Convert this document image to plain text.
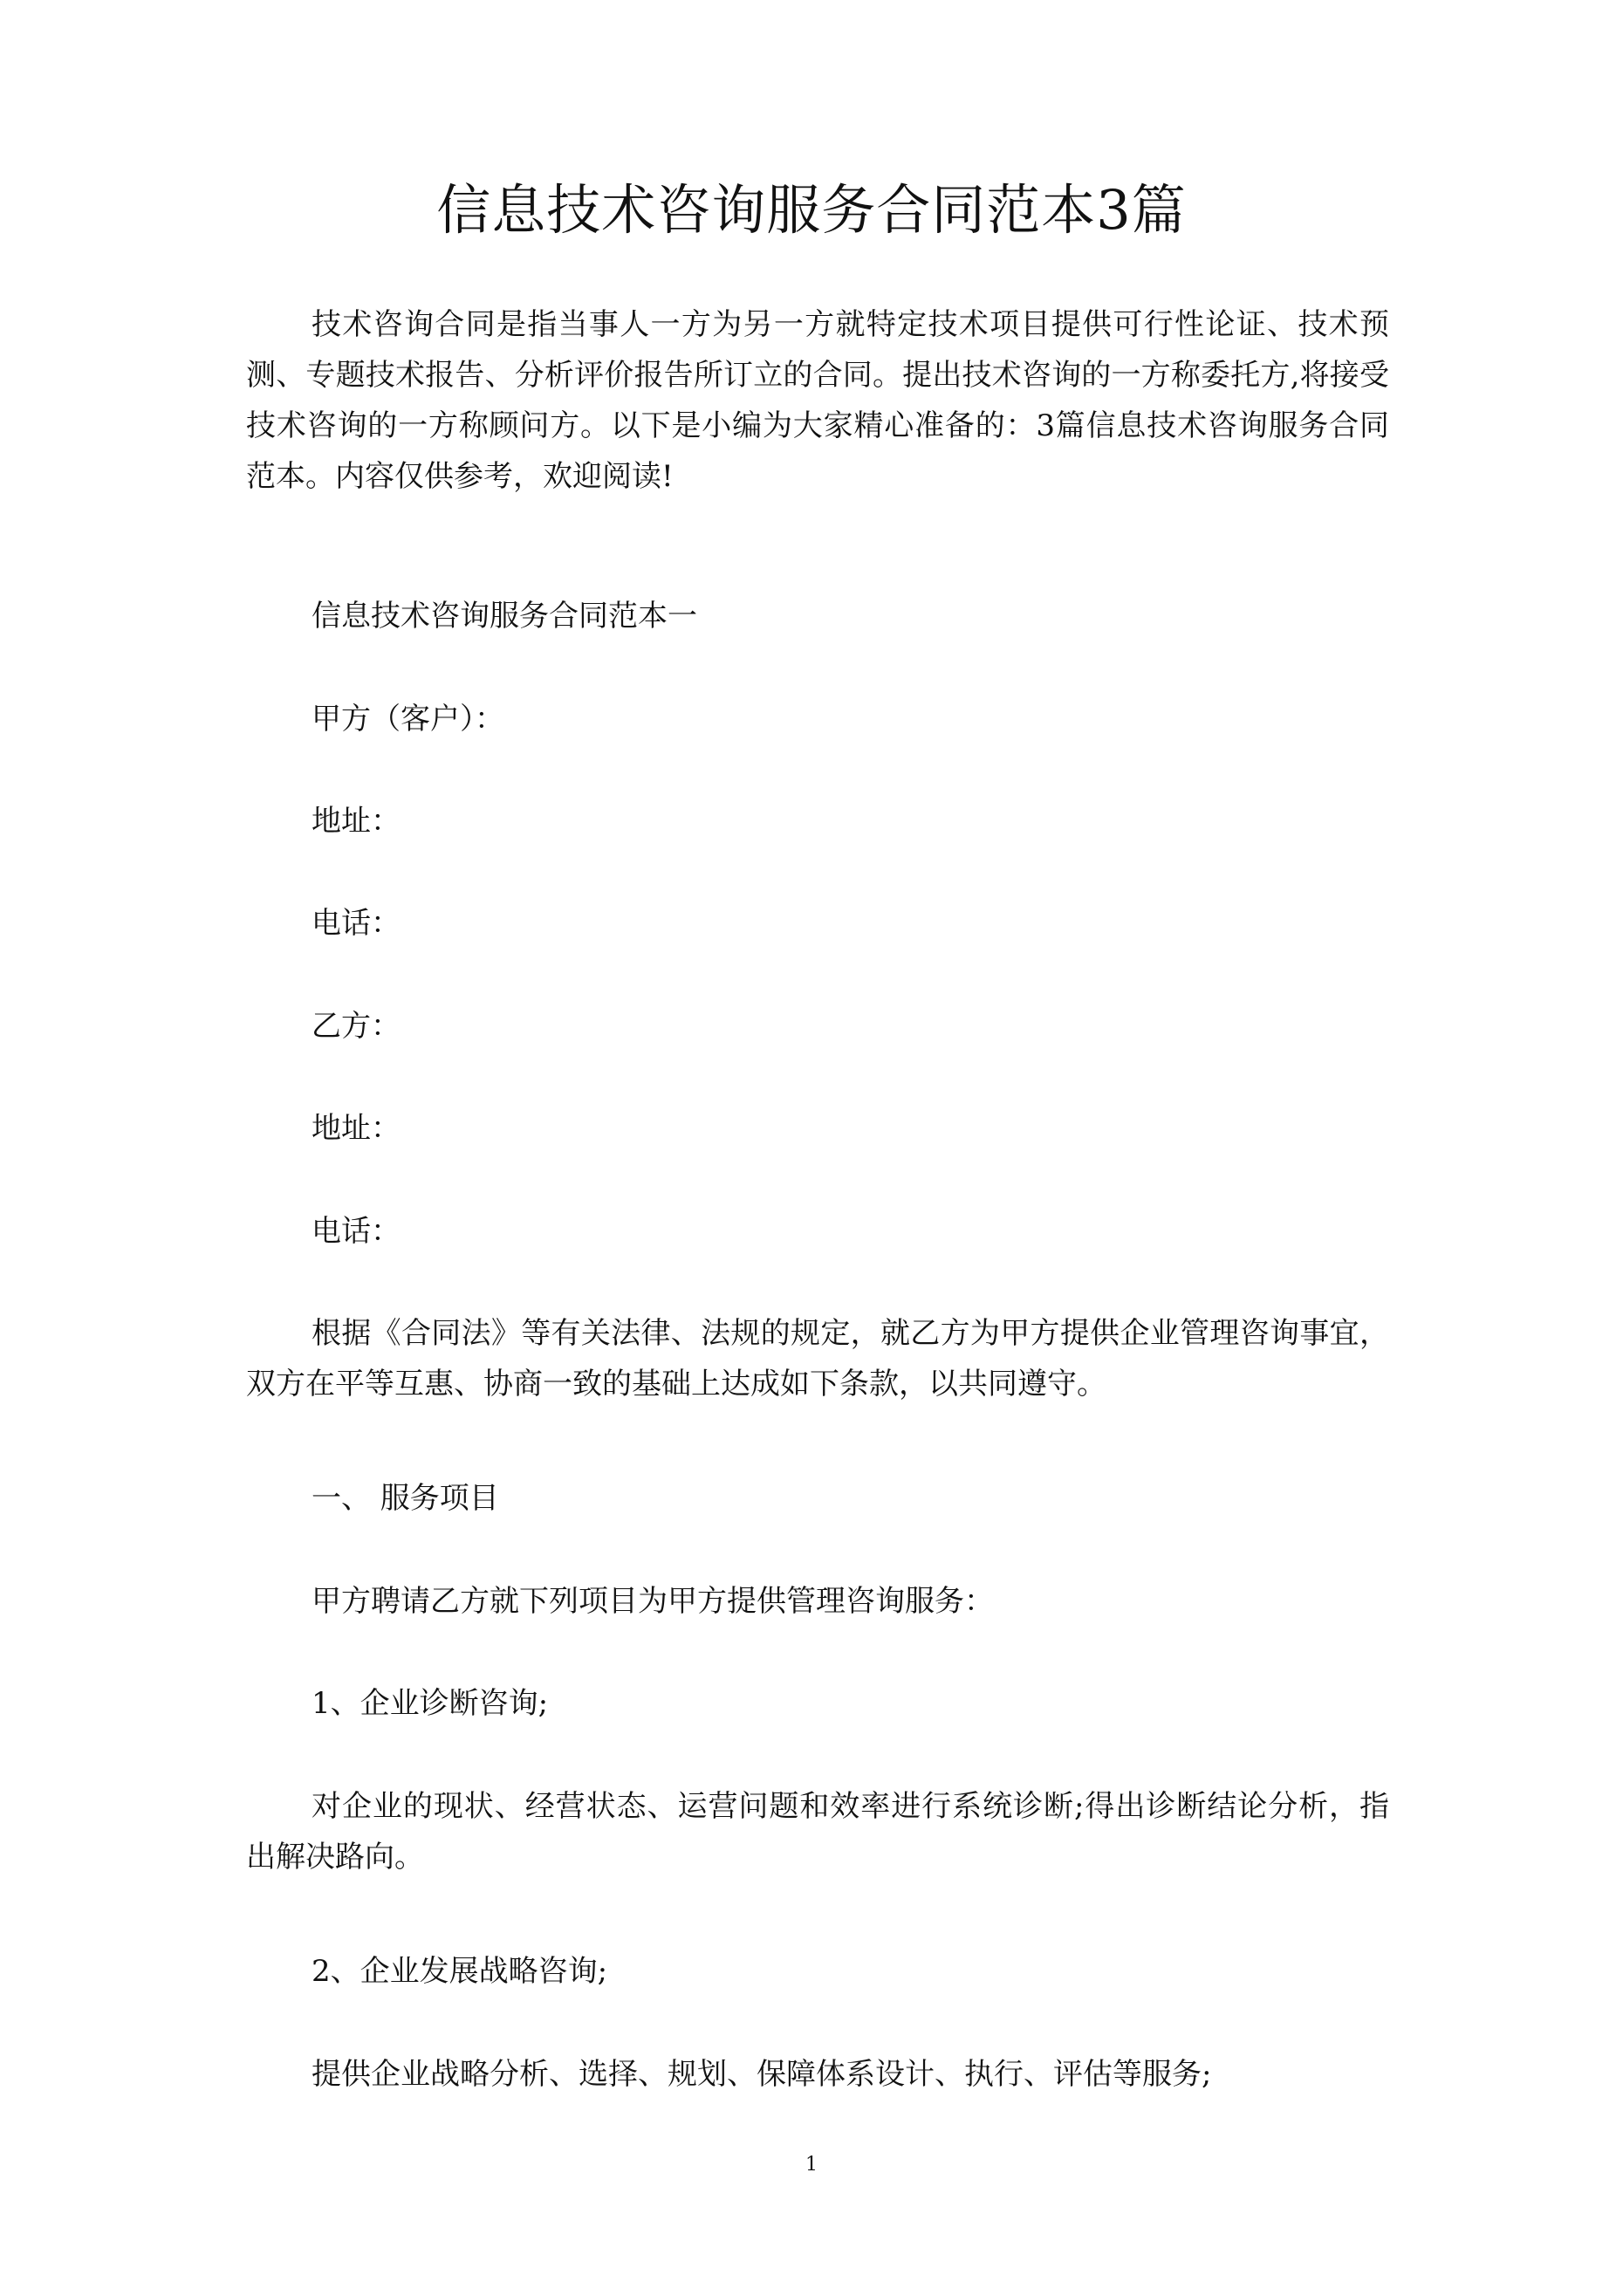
信息技术咨询服务合同范本3篇

技术咨询合同是指当事人一方为另一方就特定技术项目提供可行性论证、技术预测、专题技术报告、分析评价报告所订立的合同。提出技术咨询的一方称委托方,将接受技术咨询的一方称顾问方。以下是小编为大家精心准备的：3篇信息技术咨询服务合同范本。内容仅供参考，欢迎阅读!

信息技术咨询服务合同范本一

甲方（客户）：

地址：

电话：

乙方：

地址：

电话：

根据《合同法》等有关法律、法规的规定，就乙方为甲方提供企业管理咨询事宜，双方在平等互惠、协商一致的基础上达成如下条款，以共同遵守。

一、 服务项目

甲方聘请乙方就下列项目为甲方提供管理咨询服务：

1、企业诊断咨询;

对企业的现状、经营状态、运营问题和效率进行系统诊断;得出诊断结论分析，指出解决路向。

2、企业发展战略咨询;

提供企业战略分析、选择、规划、保障体系设计、执行、评估等服务;

1
